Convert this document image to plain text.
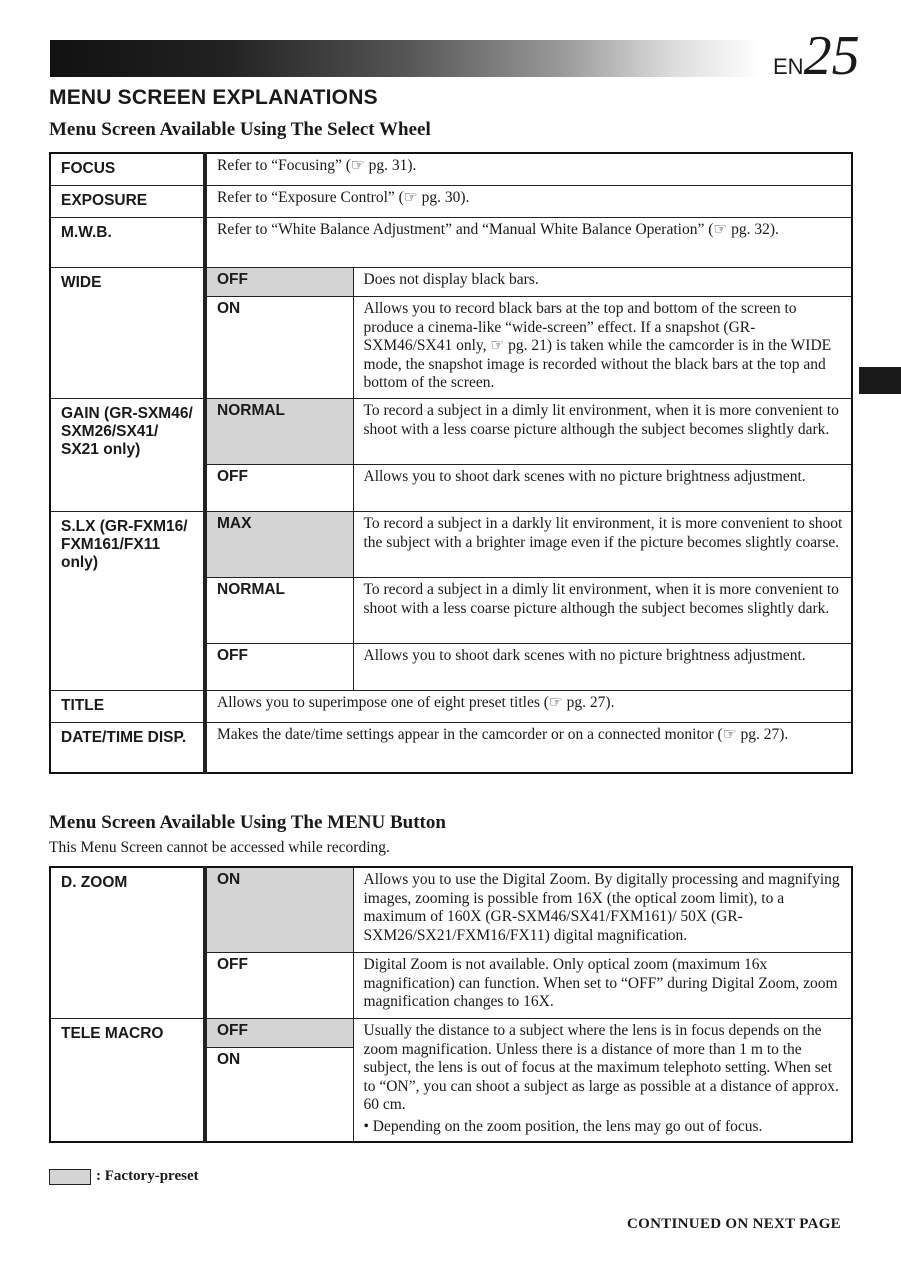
EN25
MENU SCREEN EXPLANATIONS
Menu Screen Available Using The Select Wheel
FOCUS	Refer to “Focusing” (☞ pg. 31).	
EXPOSURE	Refer to “Exposure Control” (☞ pg. 30).	
M.W.B.	Refer to “White Balance Adjustment” and “Manual White Balance Operation” (☞ pg. 32).	
WIDE	OFF	Does not display black bars.
	ON	Allows you to record black bars at the top and bottom of the screen to produce a cinema-like “wide-screen” effect. If a snapshot (GR-SXM46/SX41 only, ☞ pg. 21) is taken while the camcorder is in the WIDE mode, the snapshot image is recorded without the black bars at the top and bottom of the screen.
GAIN (GR-SXM46/ SXM26/SX41/ SX21 only)	NORMAL	To record a subject in a dimly lit environment, when it is more convenient to shoot with a less coarse picture although the subject becomes slightly dark.
	OFF	Allows you to shoot dark scenes with no picture brightness adjustment.
S.LX (GR-FXM16/ FXM161/FX11 only)	MAX	To record a subject in a darkly lit environment, it is more convenient to shoot the subject with a brighter image even if the picture becomes slightly coarse.
	NORMAL	To record a subject in a dimly lit environment, when it is more convenient to shoot with a less coarse picture although the subject becomes slightly dark.
	OFF	Allows you to shoot dark scenes with no picture brightness adjustment.
TITLE	Allows you to superimpose one of eight preset titles (☞ pg. 27).	
DATE/TIME DISP.	Makes the date/time settings appear in the camcorder or on a connected monitor (☞ pg. 27).	
Menu Screen Available Using The MENU Button
This Menu Screen cannot be accessed while recording.
D. ZOOM	ON	Allows you to use the Digital Zoom. By digitally processing and magnifying images, zooming is possible from 16X (the optical zoom limit), to a maximum of 160X (GR-SXM46/SX41/FXM161)/ 50X (GR-SXM26/SX21/FXM16/FX11) digital magnification.
	OFF	Digital Zoom is not available. Only optical zoom (maximum 16x magnification) can function. When set to “OFF” during Digital Zoom, zoom magnification changes to 16X.
TELE MACRO	OFF	Usually the distance to a subject where the lens is in focus depends on the zoom magnification. Unless there is a distance of more than 1 m to the subject, the lens is out of focus at the maximum telephoto setting. When set to “ON”, you can shoot a subject as large as possible at a distance of approx. 60 cm.
• Depending on the zoom position, the lens may go out of focus.

	ON	
: Factory-preset
CONTINUED ON NEXT PAGE
